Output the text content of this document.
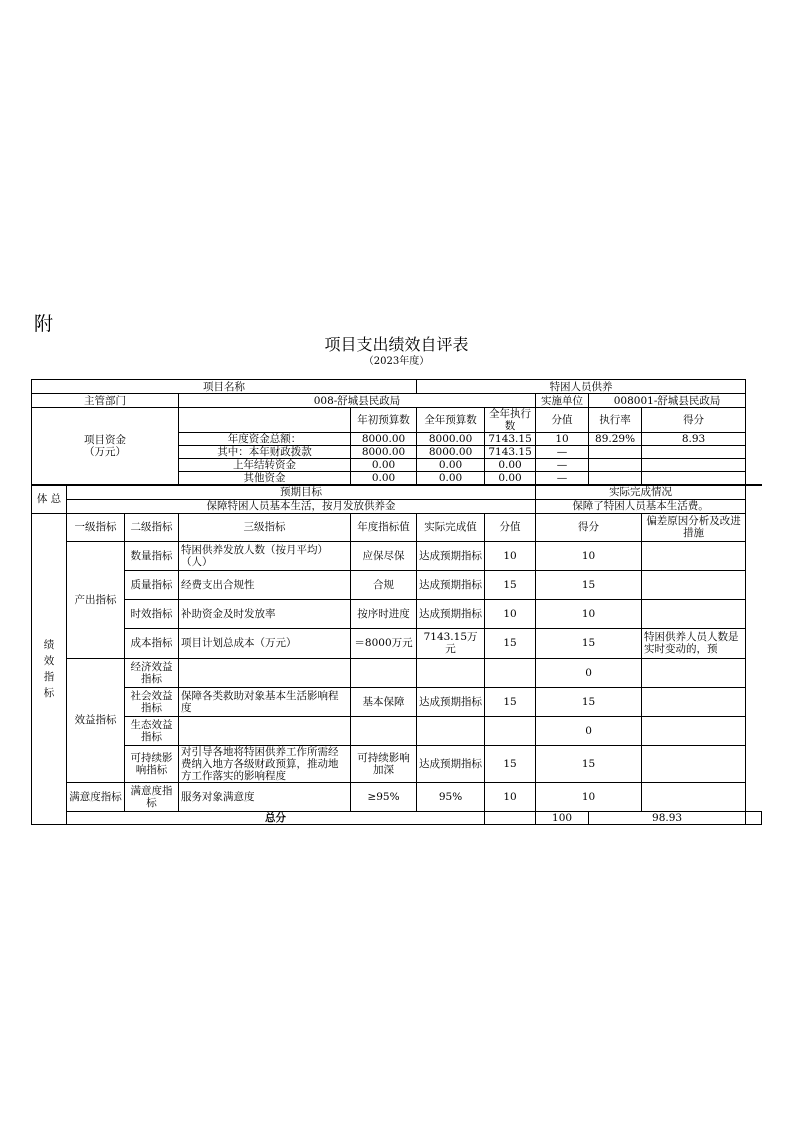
附
项目支出绩效自评表
（2023年度）
项目名称					特困人员供养					
主管部门			008-舒城县民政局				实施单位	008001-舒城县民政局		

项目资金
（万元）				年初预算数	全年预算数	全年执行数	分值	执行率	得分	
			年度资金总额：	8000.00	8000.00	7143.15	10	89.29%	8.93	
			其中：本年财政拨款	8000.00	8000.00	7143.15	—			
			上年结转资金	0.00	0.00	0.00	—			
			其他资金	0.00	0.00	0.00	—			
体 总	预期目标						实际完成情况			
	保障特困人员基本生活，按月发放供养金						保障了特困人员基本生活费。			

绩效指标	一级指标	二级指标	三级指标	年度指标值	实际完成值	分值	得分		偏差原因分析及改进措施	
	产出指标	数量指标	特困供养发放人数（按月平均）（人）	应保尽保	达成预期指标	10	10			
		质量指标	经费支出合规性	合规	达成预期指标	15	15			
		时效指标	补助资金及时发放率	按序时进度	达成预期指标	10	10			
		成本指标	项目计划总成本（万元）	＝8000万元	7143.15万元	15	15		特困供养人员人数是实时变动的，预	
	效益指标	经济效益指标					0			
		社会效益指标	保障各类救助对象基本生活影响程度	基本保障	达成预期指标	15	15			
		生态效益指标					0			
		可持续影响指标	对引导各地将特困供养工作所需经费纳入地方各级财政预算，推动地方工作落实的影响程度	可持续影响加深	达成预期指标	15	15			
	满意度指标	满意度指标	服务对象满意度	≥95%	95%	10	10			
	总分						100	98.93		
